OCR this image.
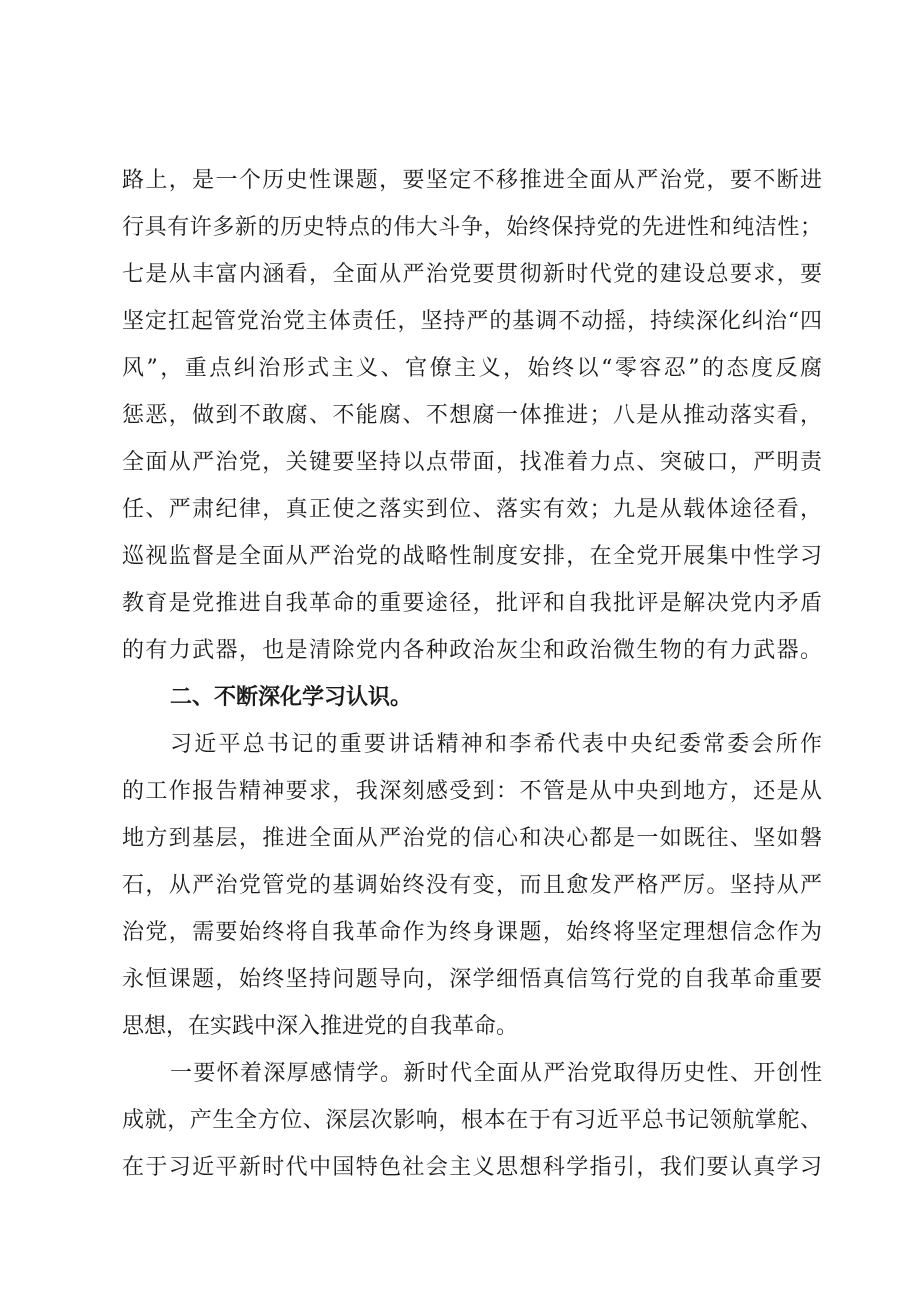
路上，是一个历史性课题，要坚定不移推进全面从严治党，要不断进
行具有许多新的历史特点的伟大斗争，始终保持党的先进性和纯洁性；
七是从丰富内涵看，全面从严治党要贯彻新时代党的建设总要求，要
坚定扛起管党治党主体责任，坚持严的基调不动摇，持续深化纠治“四
风”，重点纠治形式主义、官僚主义，始终以“零容忍”的态度反腐
惩恶，做到不敢腐、不能腐、不想腐一体推进；八是从推动落实看，
全面从严治党，关键要坚持以点带面，找准着力点、突破口，严明责
任、严肃纪律，真正使之落实到位、落实有效；九是从载体途径看，
巡视监督是全面从严治党的战略性制度安排，在全党开展集中性学习
教育是党推进自我革命的重要途径，批评和自我批评是解决党内矛盾
的有力武器，也是清除党内各种政治灰尘和政治微生物的有力武器。
二、不断深化学习认识。
习近平总书记的重要讲话精神和李希代表中央纪委常委会所作
的工作报告精神要求，我深刻感受到：不管是从中央到地方，还是从
地方到基层，推进全面从严治党的信心和决心都是一如既往、坚如磐
石，从严治党管党的基调始终没有变，而且愈发严格严厉。坚持从严
治党，需要始终将自我革命作为终身课题，始终将坚定理想信念作为
永恒课题，始终坚持问题导向，深学细悟真信笃行党的自我革命重要
思想，在实践中深入推进党的自我革命。
一要怀着深厚感情学。新时代全面从严治党取得历史性、开创性
成就，产生全方位、深层次影响，根本在于有习近平总书记领航掌舵、
在于习近平新时代中国特色社会主义思想科学指引，我们要认真学习
